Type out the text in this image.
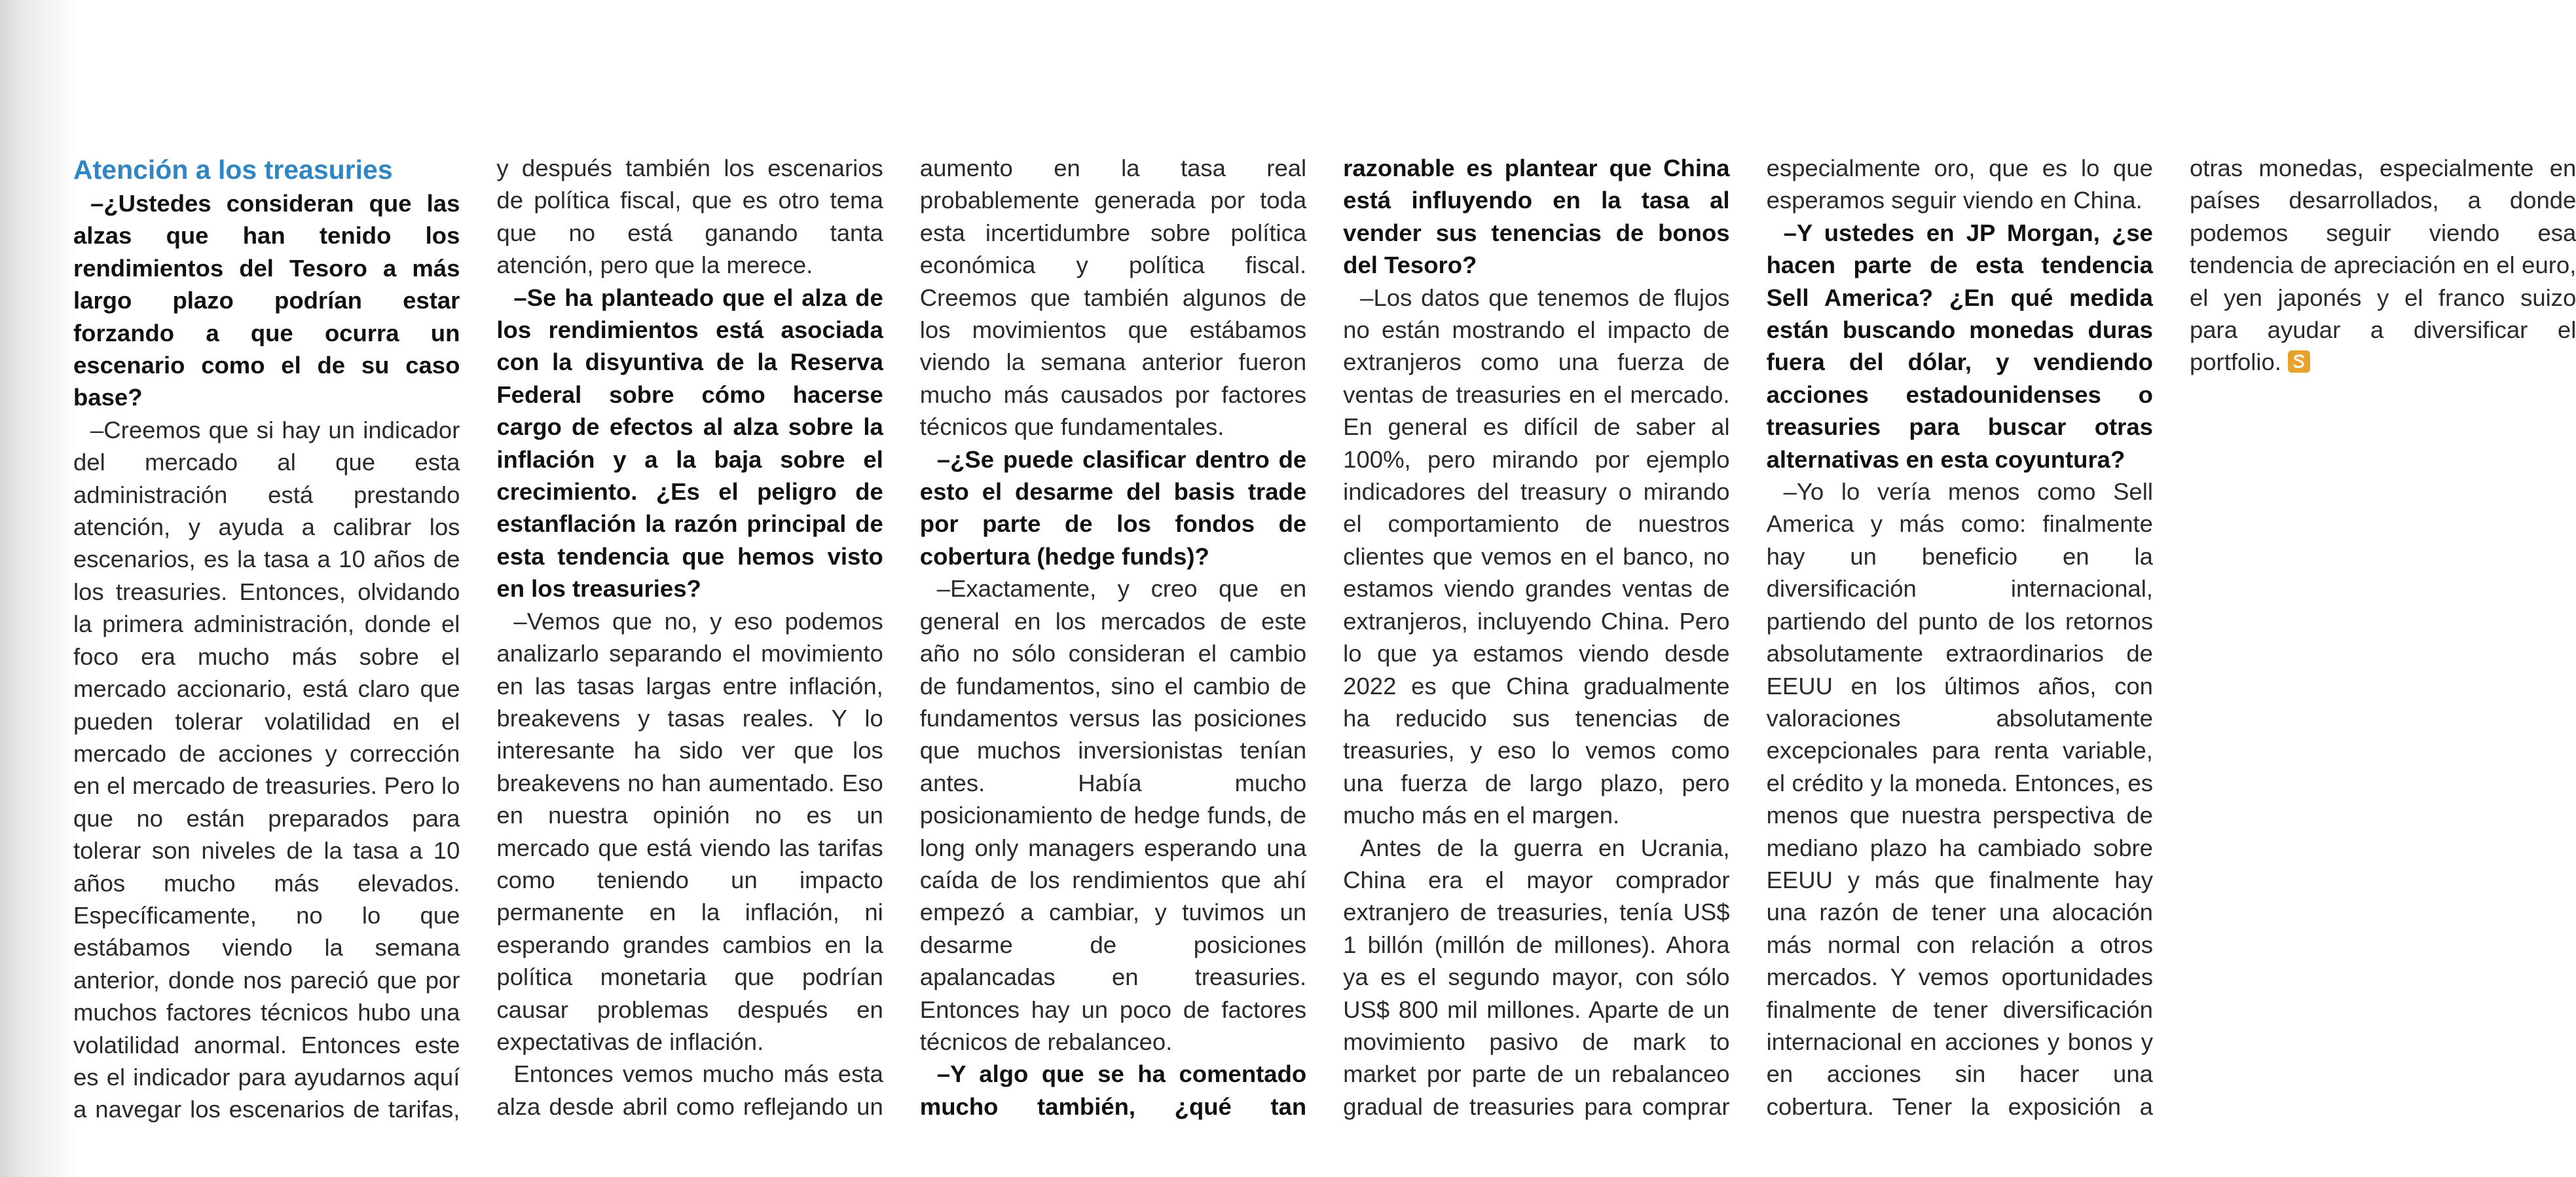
Atención a los treasuries

–¿Ustedes consideran que las alzas que han tenido los rendimientos del Tesoro a más largo plazo podrían estar forzando a que ocurra un escenario como el de su caso base?

–Creemos que si hay un indicador del mercado al que esta administración está prestando atención, y ayuda a calibrar los escenarios, es la tasa a 10 años de los treasuries. Entonces, olvidando la primera administración, donde el foco era mucho más sobre el mercado accionario, está claro que pueden tolerar volatilidad en el mercado de acciones y corrección en el mercado de treasuries. Pero lo que no están preparados para tolerar son niveles de la tasa a 10 años mucho más elevados. Específicamente, no lo que estábamos viendo la semana anterior, donde nos pareció que por muchos factores técnicos hubo una volatilidad anormal. Entonces este es el indicador para ayudarnos aquí a navegar los escenarios de tarifas, y después también los escenarios de política fiscal, que es otro tema que no está ganando tanta atención, pero que la merece.

–Se ha planteado que el alza de los rendimientos está asociada con la disyuntiva de la Reserva Federal sobre cómo hacerse cargo de efectos al alza sobre la inflación y a la baja sobre el crecimiento. ¿Es el peligro de estanflación la razón principal de esta tendencia que hemos visto en los treasuries?

–Vemos que no, y eso podemos analizarlo separando el movimiento en las tasas largas entre inflación, breakevens y tasas reales. Y lo interesante ha sido ver que los breakevens no han aumentado. Eso en nuestra opinión no es un mercado que está viendo las tarifas como teniendo un impacto permanente en la inflación, ni esperando grandes cambios en la política monetaria que podrían causar problemas después en expectativas de inflación.

Entonces vemos mucho más esta alza desde abril como reflejando un aumento en la tasa real probablemente generada por toda esta incertidumbre sobre política económica y política fiscal. Creemos que también algunos de los movimientos que estábamos viendo la semana anterior fueron mucho más causados por factores técnicos que fundamentales.

–¿Se puede clasificar dentro de esto el desarme del basis trade por parte de los fondos de cobertura (hedge funds)?

–Exactamente, y creo que en general en los mercados de este año no sólo consideran el cambio de fundamentos, sino el cambio de fundamentos versus las posiciones que muchos inversionistas tenían antes. Había mucho posicionamiento de hedge funds, de long only managers esperando una caída de los rendimientos que ahí empezó a cambiar, y tuvimos un desarme de posiciones apalancadas en treasuries. Entonces hay un poco de factores técnicos de rebalanceo.

–Y algo que se ha comentado mucho también, ¿qué tan razonable es plantear que China está influyendo en la tasa al vender sus tenencias de bonos del Tesoro?

–Los datos que tenemos de flujos no están mostrando el impacto de extranjeros como una fuerza de ventas de treasuries en el mercado. En general es difícil de saber al 100%, pero mirando por ejemplo indicadores del treasury o mirando el comportamiento de nuestros clientes que vemos en el banco, no estamos viendo grandes ventas de extranjeros, incluyendo China. Pero lo que ya estamos viendo desde 2022 es que China gradualmente ha reducido sus tenencias de treasuries, y eso lo vemos como una fuerza de largo plazo, pero mucho más en el margen.

Antes de la guerra en Ucrania, China era el mayor comprador extranjero de treasuries, tenía US$ 1 billón (millón de millones). Ahora ya es el segundo mayor, con sólo US$ 800 mil millones. Aparte de un movimiento pasivo de mark to market por parte de un rebalanceo gradual de treasuries para comprar especialmente oro, que es lo que esperamos seguir viendo en China.

–Y ustedes en JP Morgan, ¿se hacen parte de esta tendencia Sell America? ¿En qué medida están buscando monedas duras fuera del dólar, y vendiendo acciones estadounidenses o treasuries para buscar otras alternativas en esta coyuntura?

–Yo lo vería menos como Sell America y más como: finalmente hay un beneficio en la diversificación internacional, partiendo del punto de los retornos absolutamente extraordinarios de EEUU en los últimos años, con valoraciones absolutamente excepcionales para renta variable, el crédito y la moneda. Entonces, es menos que nuestra perspectiva de mediano plazo ha cambiado sobre EEUU y más que finalmente hay una razón de tener una alocación más normal con relación a otros mercados. Y vemos oportunidades finalmente de tener diversificación internacional en acciones y bonos y en acciones sin hacer una cobertura. Tener la exposición a otras monedas, especialmente en países desarrollados, a donde podemos seguir viendo esa tendencia de apreciación en el euro, el yen japonés y el franco suizo para ayudar a diversificar el portfolio.
